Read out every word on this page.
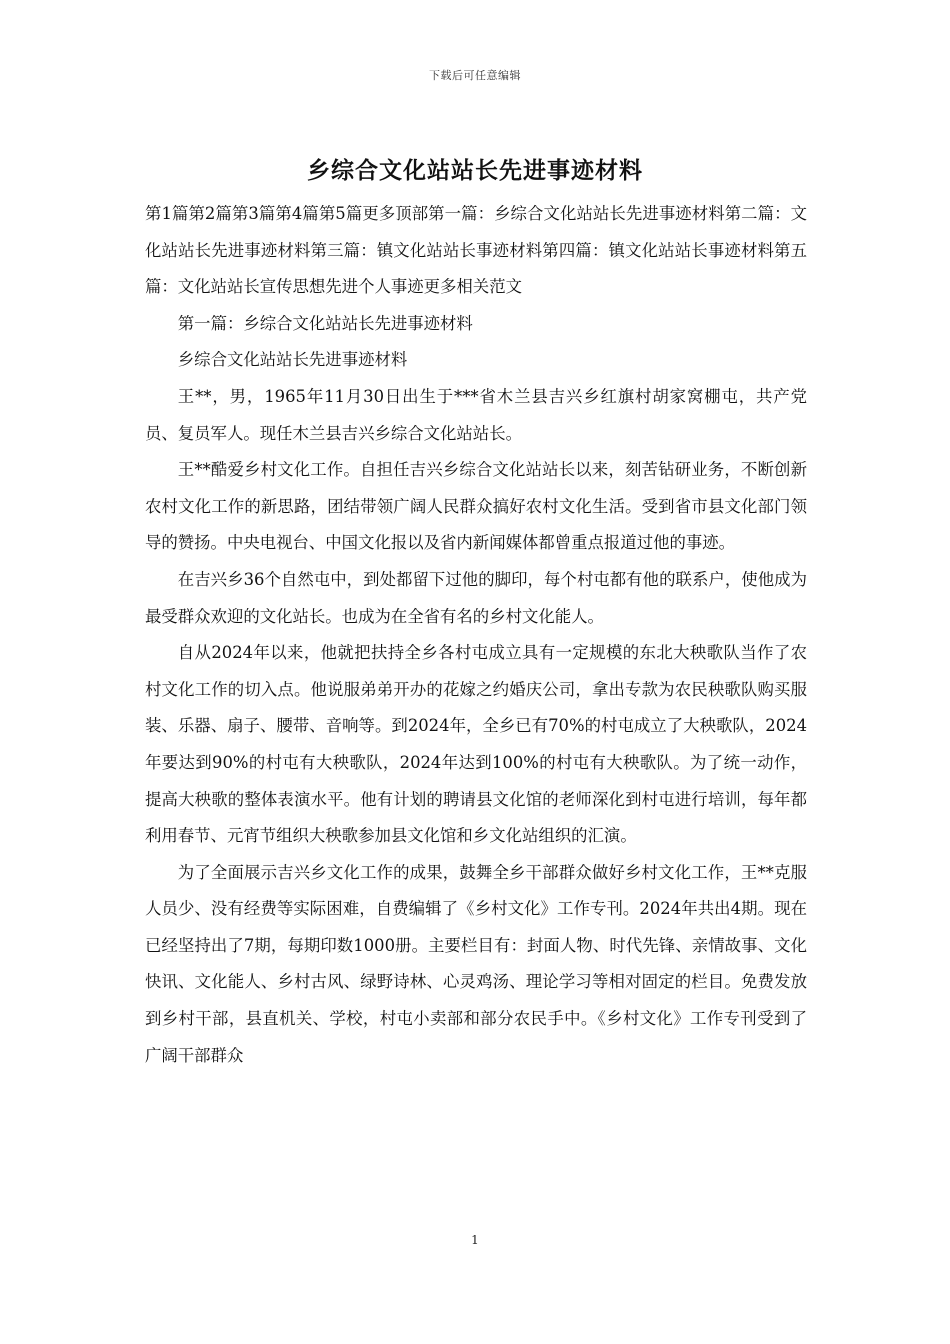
下载后可任意编辑
乡综合文化站站长先进事迹材料

第1篇第2篇第3篇第4篇第5篇更多顶部第一篇：乡综合文化站站长先进事迹材料第二篇：文化站站长先进事迹材料第三篇：镇文化站站长事迹材料第四篇：镇文化站站长事迹材料第五篇：文化站站长宣传思想先进个人事迹更多相关范文

第一篇：乡综合文化站站长先进事迹材料

乡综合文化站站长先进事迹材料

王**，男，1965年11月30日出生于***省木兰县吉兴乡红旗村胡家窝棚屯，共产党员、复员军人。现任木兰县吉兴乡综合文化站站长。

王**酷爱乡村文化工作。自担任吉兴乡综合文化站站长以来，刻苦钻研业务，不断创新农村文化工作的新思路，团结带领广阔人民群众搞好农村文化生活。受到省市县文化部门领导的赞扬。中央电视台、中国文化报以及省内新闻媒体都曾重点报道过他的事迹。

在吉兴乡36个自然屯中，到处都留下过他的脚印，每个村屯都有他的联系户，使他成为最受群众欢迎的文化站长。也成为在全省有名的乡村文化能人。

自从2024年以来，他就把扶持全乡各村屯成立具有一定规模的东北大秧歌队当作了农村文化工作的切入点。他说服弟弟开办的花嫁之约婚庆公司，拿出专款为农民秧歌队购买服装、乐器、扇子、腰带、音响等。到2024年，全乡已有70%的村屯成立了大秧歌队，2024年要达到90%的村屯有大秧歌队，2024年达到100%的村屯有大秧歌队。为了统一动作，提高大秧歌的整体表演水平。他有计划的聘请县文化馆的老师深化到村屯进行培训，每年都利用春节、元宵节组织大秧歌参加县文化馆和乡文化站组织的汇演。

为了全面展示吉兴乡文化工作的成果，鼓舞全乡干部群众做好乡村文化工作，王**克服人员少、没有经费等实际困难，自费编辑了《乡村文化》工作专刊。2024年共出4期。现在已经坚持出了7期，每期印数1000册。主要栏目有：封面人物、时代先锋、亲情故事、文化快讯、文化能人、乡村古风、绿野诗林、心灵鸡汤、理论学习等相对固定的栏目。免费发放到乡村干部，县直机关、学校，村屯小卖部和部分农民手中。《乡村文化》工作专刊受到了广阔干部群众

1
